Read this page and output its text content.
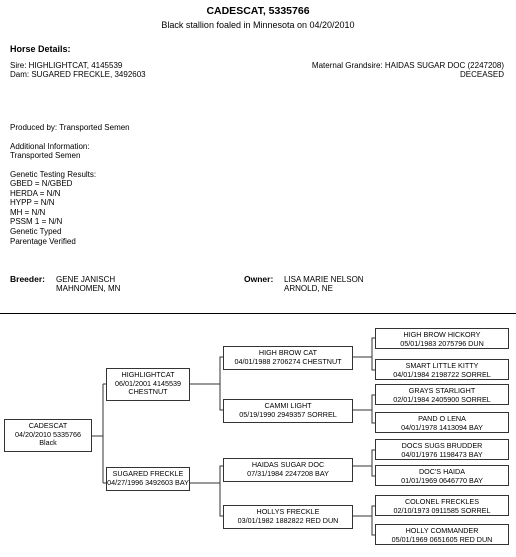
CADESCAT, 5335766
Black stallion foaled in Minnesota on 04/20/2010
Horse Details:
Sire: HIGHLIGHTCAT, 4145539
Dam: SUGARED FRECKLE, 3492603
Maternal Grandsire: HAIDAS SUGAR DOC (2247208)
DECEASED
Produced by: Transported Semen
Additional Information:
Transported Semen
Genetic Testing Results:
GBED = N/GBED
HERDA = N/N
HYPP = N/N
MH = N/N
PSSM 1 = N/N
Genetic Typed
Parentage Verified
Breeder: GENE JANISCH
MAHNOMEN, MN
Owner: LISA MARIE NELSON
ARNOLD, NE
CADESCAT
04/20/2010 5335766
Black
HIGHLIGHTCAT
06/01/2001 4145539
CHESTNUT
SUGARED FRECKLE
04/27/1996 3492603 BAY
HIGH BROW CAT
04/01/1988 2706274 CHESTNUT
CAMMI LIGHT
05/19/1990 2949357 SORREL
HAIDAS SUGAR DOC
07/31/1984 2247208 BAY
HOLLYS FRECKLE
03/01/1982 1882822 RED DUN
HIGH BROW HICKORY
05/01/1983 2075796 DUN
SMART LITTLE KITTY
04/01/1984 2198722 SORREL
GRAYS STARLIGHT
02/01/1984 2405900 SORREL
PAND O LENA
04/01/1978 1413094 BAY
DOCS SUGS BRUDDER
04/01/1976 1198473 BAY
DOC'S HAIDA
01/01/1969 0646770 BAY
COLONEL FRECKLES
02/10/1973 0911585 SORREL
HOLLY COMMANDER
05/01/1969 0651605 RED DUN
